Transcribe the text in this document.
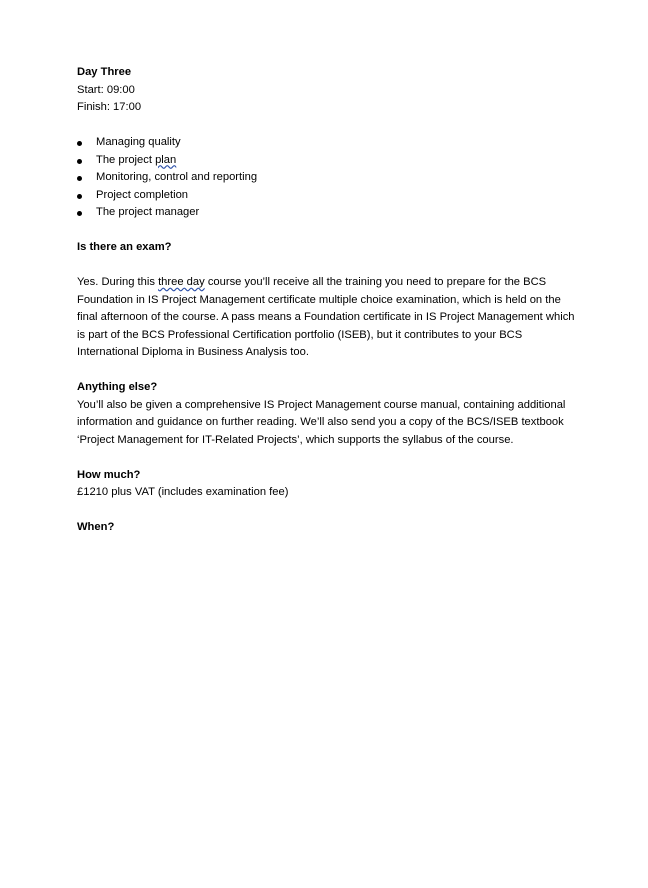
Day Three
Start: 09:00
Finish: 17:00
Managing quality
The project plan
Monitoring, control and reporting
Project completion
The project manager
Is there an exam?

Yes. During this three day course you’ll receive all the training you need to prepare for the BCS Foundation in IS Project Management certificate multiple choice examination, which is held on the final afternoon of the course. A pass means a Foundation certificate in IS Project Management which is part of the BCS Professional Certification portfolio (ISEB), but it contributes to your BCS International Diploma in Business Analysis too.

Anything else?

You’ll also be given a comprehensive IS Project Management course manual, containing additional information and guidance on further reading. We’ll also send you a copy of the BCS/ISEB textbook ‘Project Management for IT-Related Projects’, which supports the syllabus of the course.

How much?
£1210 plus VAT (includes examination fee)
When?
